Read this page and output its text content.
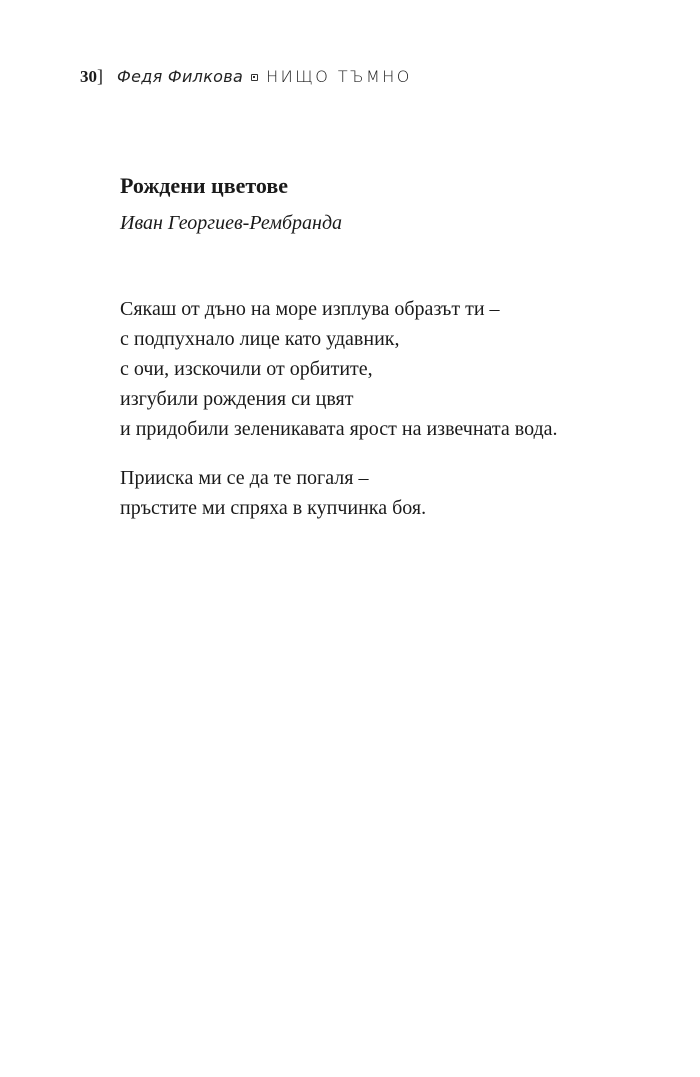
30 ] Федя Филкова НИЩО ТЪМНО
Рождени цветове

Иван Георгиев-Рембранда

Сякаш от дъно на море изплува образът ти –
с подпухнало лице като удавник,
с очи, изскочили от орбитите,
изгубили рождения си цвят
и придобили зеленикавата ярост на извечната вода.

Приискa ми се да те погаля –
пръстите ми спряха в купчинка боя.
